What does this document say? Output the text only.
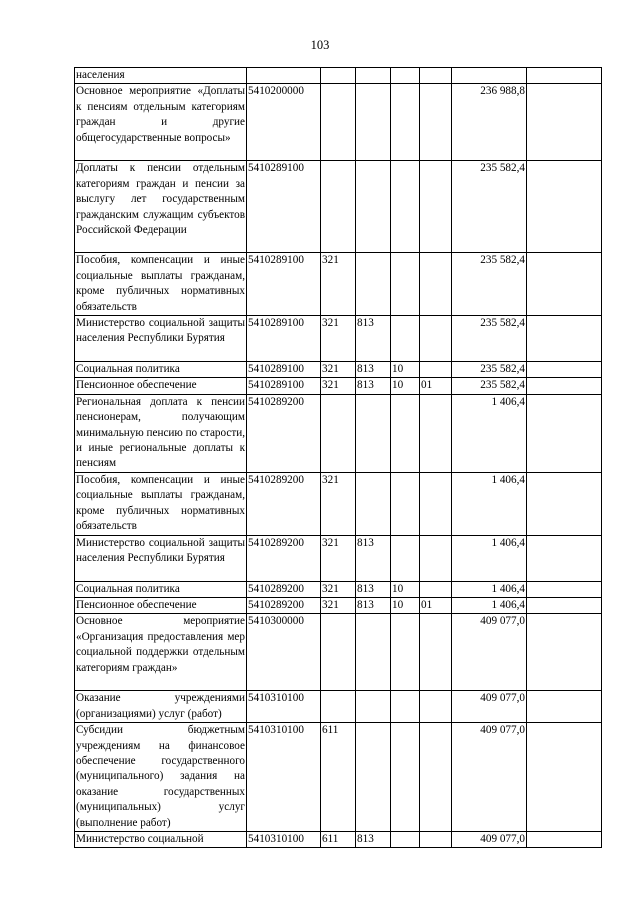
103
населения							
Основное мероприятие «Доплаты к пенсиям отдельным категориям граждан и другие общегосударственные вопросы»	5410200000					236 988,8	
Доплаты к пенсии отдельным категориям граждан и пенсии за выслугу лет государственным гражданским служащим субъектов Российской Федерации	5410289100					235 582,4	
Пособия, компенсации и иные социальные выплаты гражданам, кроме публичных нормативных обязательств	5410289100	321				235 582,4	
Министерство социальной защиты населения Республики Бурятия	5410289100	321	813			235 582,4	
Социальная политика	5410289100	321	813	10		235 582,4	
Пенсионное обеспечение	5410289100	321	813	10	01	235 582,4	
Региональная доплата к пенсии пенсионерам, получающим минимальную пенсию по старости, и иные региональные доплаты к пенсиям	5410289200					1 406,4	
Пособия, компенсации и иные социальные выплаты гражданам, кроме публичных нормативных обязательств	5410289200	321				1 406,4	
Министерство социальной защиты населения Республики Бурятия	5410289200	321	813			1 406,4	
Социальная политика	5410289200	321	813	10		1 406,4	
Пенсионное обеспечение	5410289200	321	813	10	01	1 406,4	
Основное мероприятие «Организация предоставления мер социальной поддержки отдельным категориям граждан»	5410300000					409 077,0	
Оказание учреждениями (организациями) услуг (работ)	5410310100					409 077,0	
Субсидии бюджетным учреждениям на финансовое обеспечение государственного (муниципального) задания на оказание государственных (муниципальных) услуг (выполнение работ)	5410310100	611				409 077,0	
Министерство социальной	5410310100	611	813			409 077,0	
